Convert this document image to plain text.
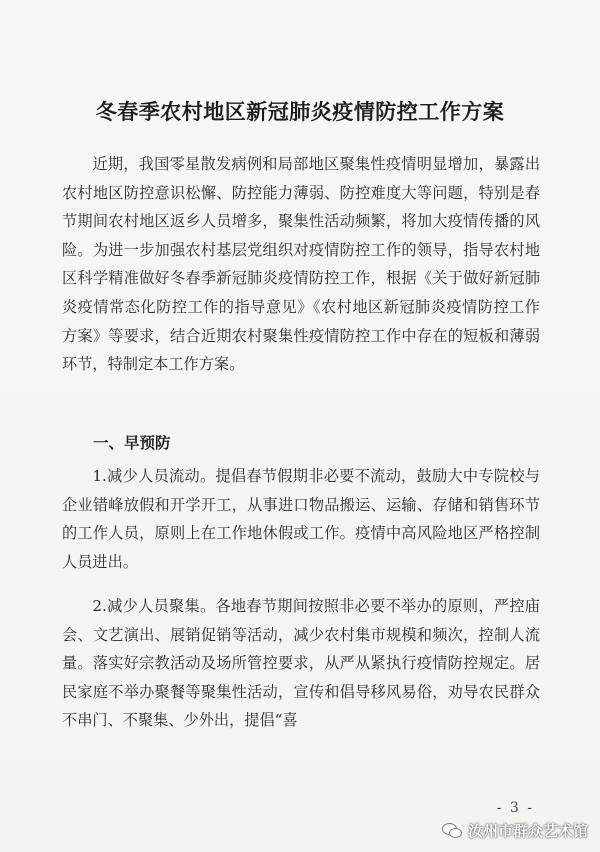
冬春季农村地区新冠肺炎疫情防控工作方案

近期，我国零星散发病例和局部地区聚集性疫情明显增加，暴露出农村地区防控意识松懈、防控能力薄弱、防控难度大等问题，特别是春节期间农村地区返乡人员增多，聚集性活动频繁，将加大疫情传播的风险。为进一步加强农村基层党组织对疫情防控工作的领导，指导农村地区科学精准做好冬春季新冠肺炎疫情防控工作，根据《关于做好新冠肺炎疫情常态化防控工作的指导意见》《农村地区新冠肺炎疫情防控工作方案》等要求，结合近期农村聚集性疫情防控工作中存在的短板和薄弱环节，特制定本工作方案。

一、早预防

1.减少人员流动。提倡春节假期非必要不流动，鼓励大中专院校与企业错峰放假和开学开工，从事进口物品搬运、运输、存储和销售环节的工作人员，原则上在工作地休假或工作。疫情中高风险地区严格控制人员进出。

2.减少人员聚集。各地春节期间按照非必要不举办的原则，严控庙会、文艺演出、展销促销等活动，减少农村集市规模和频次，控制人流量。落实好宗教活动及场所管控要求，从严从紧执行疫情防控规定。居民家庭不举办聚餐等聚集性活动，宣传和倡导移风易俗，劝导农民群众不串门、不聚集、少外出，提倡“喜

- 3 -
汝州市群众艺术馆
